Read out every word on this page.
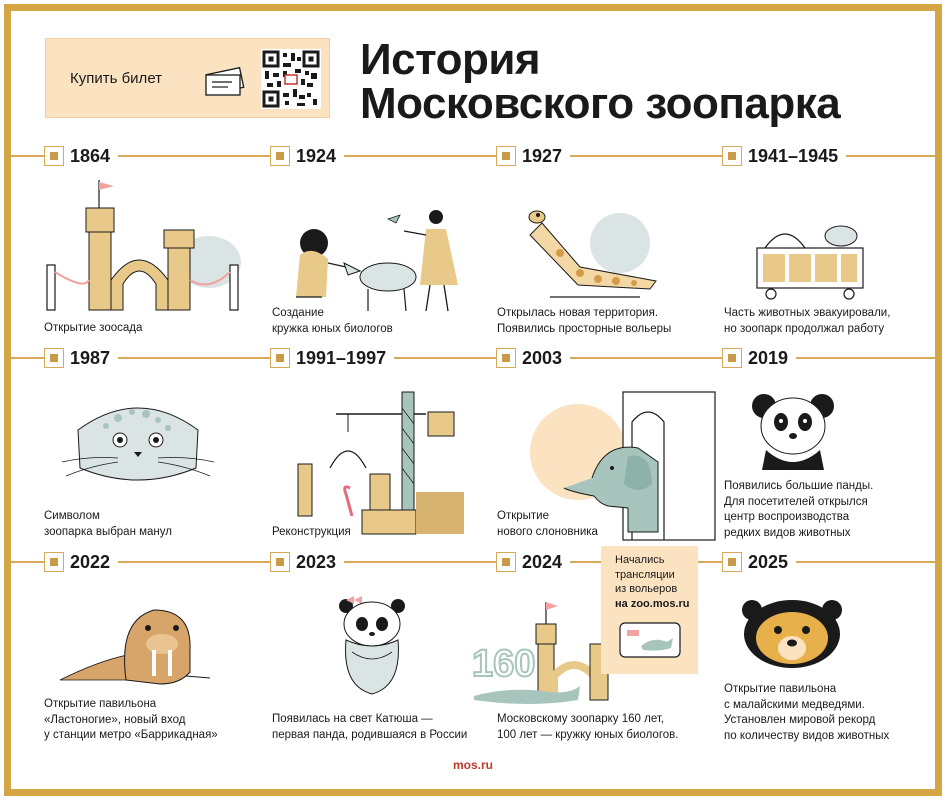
Купить билет	История
Московского зоопарка
1864	1924	1927	1941–1945
1987	1991–1997	2003	2019
2022	2023	2024	2025
160
Открытие зоосада
Создание
кружка юных биологов
Открылась новая территория.
Появились просторные вольеры
Часть животных эвакуировали,
но зоопарк продолжал работу
Символом
зоопарка выбран манул	Реконструкция
Открытие
нового слоновника
Появились большие панды.
Для посетителей открылся
центр воспроизводства
редких видов животных
Открытие павильона
«Ластоногие», новый вход
у станции метро «Баррикадная»
Появилась на свет Катюша —
первая панда, родившаяся в России
Московскому зоопарку 160 лет,
100 лет — кружку юных биологов.
Открытие павильона
с малайскими медведями.
Установлен мировой рекорд
по количеству видов животных
Начались
трансляции
из вольеров
на zoo.mos.ru
mos.ru
